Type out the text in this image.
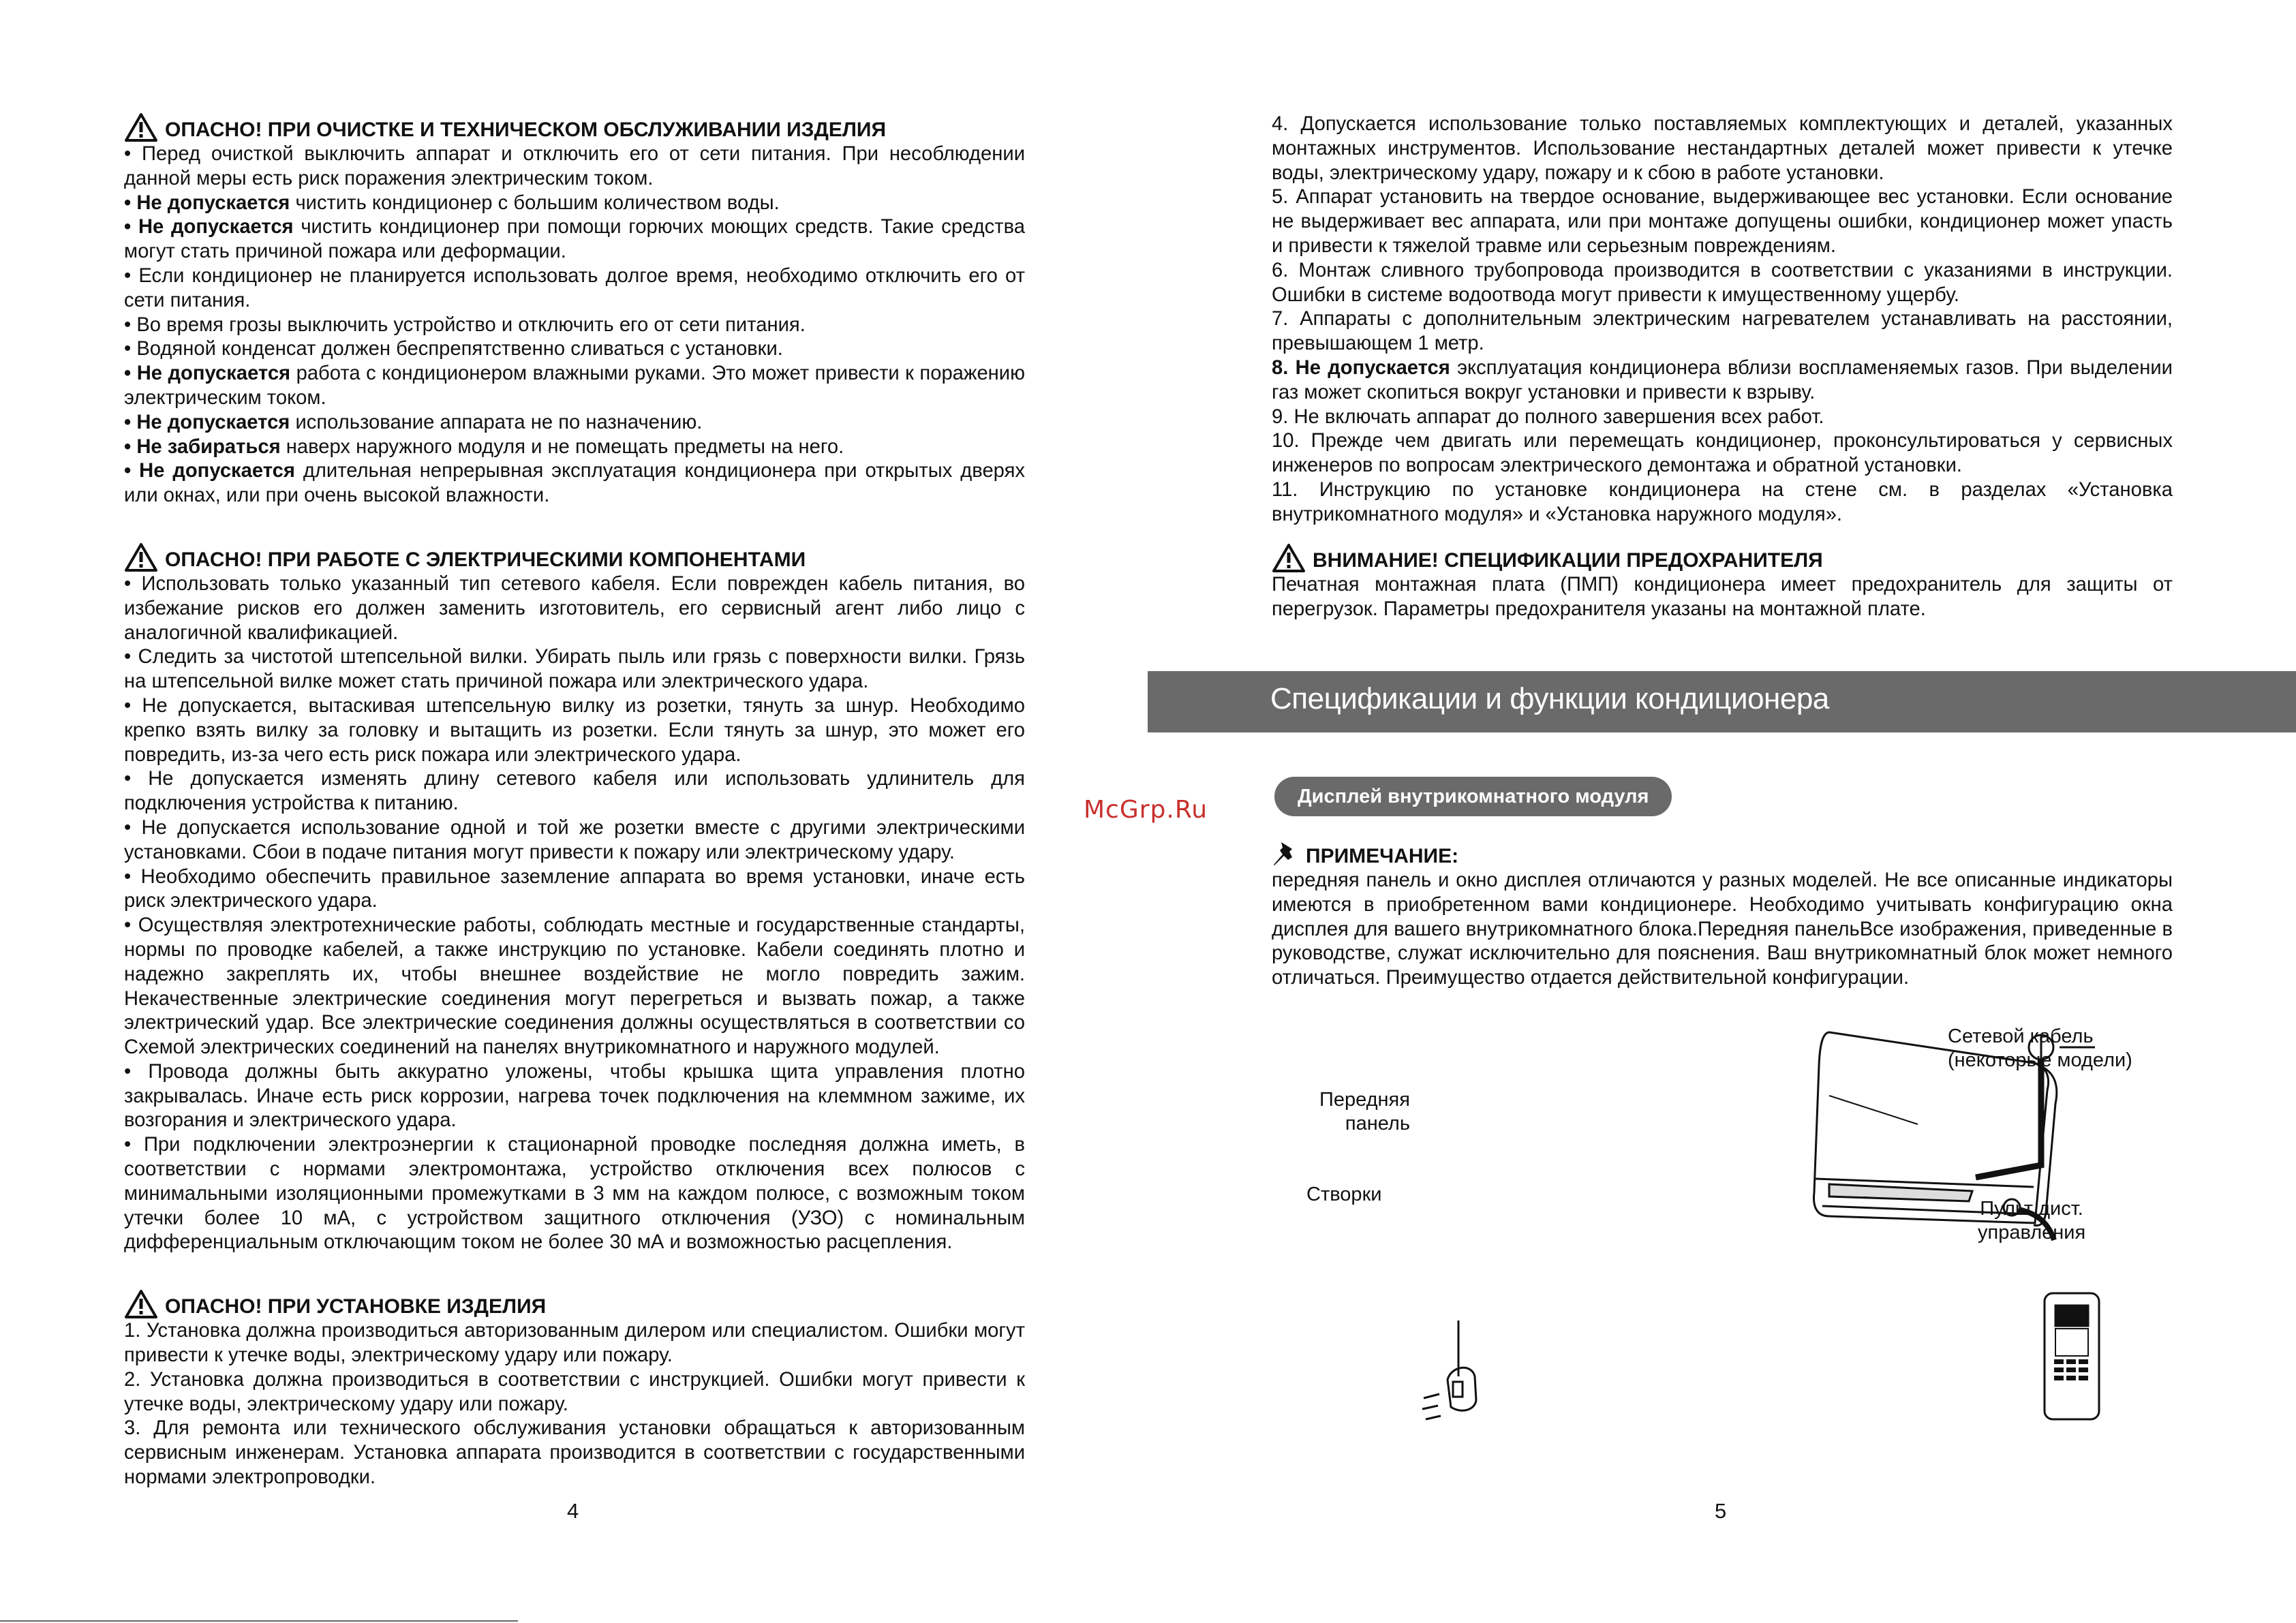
ОПАСНО! ПРИ ОЧИСТКЕ И ТЕХНИЧЕСКОМ ОБСЛУЖИВАНИИ ИЗДЕЛИЯ

• Перед очисткой выключить аппарат и отключить его от сети питания. При несоблюдении данной меры есть риск поражения электрическим током.

• Не допускается чистить кондиционер с большим количеством воды.

• Не допускается чистить кондиционер при помощи горючих моющих средств. Такие средства могут стать причиной пожара или деформации.

• Если кондиционер не планируется использовать долгое время, необходимо отключить его от сети питания.

• Во время грозы выключить устройство и отключить его от сети питания.

• Водяной конденсат должен беспрепятственно сливаться с установки.

• Не допускается работа с кондиционером влажными руками. Это может привести к поражению электрическим током.

• Не допускается использование аппарата не по назначению.

• Не забираться наверх наружного модуля и не помещать предметы на него.

• Не допускается длительная непрерывная эксплуатация кондиционера при открытых дверях или окнах, или при очень высокой влажности.

ОПАСНО! ПРИ РАБОТЕ С ЭЛЕКТРИЧЕСКИМИ КОМПОНЕНТАМИ

• Использовать только указанный тип сетевого кабеля. Если поврежден кабель питания, во избежание рисков его должен заменить изготовитель, его сервисный агент либо лицо с аналогичной квалификацией.

• Следить за чистотой штепсельной вилки. Убирать пыль или грязь с поверхности вилки. Грязь на штепсельной вилке может стать причиной пожара или электрического удара.

• Не допускается, вытаскивая штепсельную вилку из розетки, тянуть за шнур. Необходимо крепко взять вилку за головку и вытащить из розетки. Если тянуть за шнур, это может его повредить, из-за чего есть риск пожара или электрического удара.

• Не допускается изменять длину сетевого кабеля или использовать удлинитель для подключения устройства к питанию.

• Не допускается использование одной и той же розетки вместе с другими электрическими установками. Сбои в подаче питания могут привести к пожару или электрическому удару.

• Необходимо обеспечить правильное заземление аппарата во время установки, иначе есть риск электрического удара.

• Осуществляя электротехнические работы, соблюдать местные и государственные стандарты, нормы по проводке кабелей, а также инструкцию по установке. Кабели соединять плотно и надежно закреплять их, чтобы внешнее воздействие не могло повредить зажим. Некачественные электрические соединения могут перегреться и вызвать пожар, а также электрический удар. Все электрические соединения должны осуществляться в соответствии со Схемой электрических соединений на панелях внутрикомнатного и наружного модулей.

• Провода должны быть аккуратно уложены, чтобы крышка щита управления плотно закрывалась. Иначе есть риск коррозии, нагрева точек подключения на клеммном зажиме, их возгорания и электрического удара.

• При подключении электроэнергии к стационарной проводке последняя должна иметь, в соответствии с нормами электромонтажа, устройство отключения всех полюсов с минимальными изоляционными промежутками в 3 мм на каждом полюсе, с возможным током утечки более 10 мА, с устройством защитного отключения (УЗО) с номинальным дифференциальным отключающим током не более 30 мА и возможностью расцепления.

ОПАСНО! ПРИ УСТАНОВКЕ ИЗДЕЛИЯ

1. Установка должна производиться авторизованным дилером или специалистом. Ошибки могут привести к утечке воды, электрическому удару или пожару.

2. Установка должна производиться в соответствии с инструкцией. Ошибки могут привести к утечке воды, электрическому удару или пожару.

3. Для ремонта или технического обслуживания установки обращаться к авторизованным сервисным инженерам. Установка аппарата производится в соответствии с государственными нормами электропроводки.

4

4. Допускается использование только поставляемых комплектующих и деталей, указанных монтажных инструментов. Использование нестандартных деталей может привести к утечке воды, электрическому удару, пожару и к сбою в работе установки.

5. Аппарат установить на твердое основание, выдерживающее вес установки. Если основание не выдерживает вес аппарата, или при монтаже допущены ошибки, кондиционер может упасть и привести к тяжелой травме или серьезным повреждениям.

6. Монтаж сливного трубопровода производится в соответствии с указаниями в инструкции. Ошибки в системе водоотвода могут привести к имущественному ущербу.

7. Аппараты с дополнительным электрическим нагревателем устанавливать на расстоянии, превышающем 1 метр.

8. Не допускается эксплуатация кондиционера вблизи воспламеняемых газов. При выделении газ может скопиться вокруг установки и привести к взрыву.

9. Не включать аппарат до полного завершения всех работ.

10. Прежде чем двигать или перемещать кондиционер, проконсультироваться у сервисных инженеров по вопросам электрического демонтажа и обратной установки.

11. Инструкцию по установке кондиционера на стене см. в разделах «Установка внутрикомнатного модуля» и «Установка наружного модуля».

ВНИМАНИЕ! СПЕЦИФИКАЦИИ ПРЕДОХРАНИТЕЛЯ
Печатная монтажная плата (ПМП) кондиционера имеет предохранитель для защиты от перегрузок. Параметры предохранителя указаны на монтажной плате.
Спецификации и функции кондиционера
Дисплей внутрикомнатного модуля
ПРИМЕЧАНИЕ:
передняя панель и окно дисплея отличаются у разных моделей. Не все описанные индикаторы имеются в приобретенном вами кондиционере. Необходимо учитывать конфигурацию окна дисплея для вашего внутрикомнатного блока.Передняя панельВсе изображения, приведенные в руководстве, служат исключительно для пояснения. Ваш внутрикомнатный блок может немного отличаться. Преимущество отдается действительной конфигурации.
Передняя
панель
Створки
Сетевой кабель
(некоторые модели)
Пульт дист.
управления
5
McGrp.Ru
